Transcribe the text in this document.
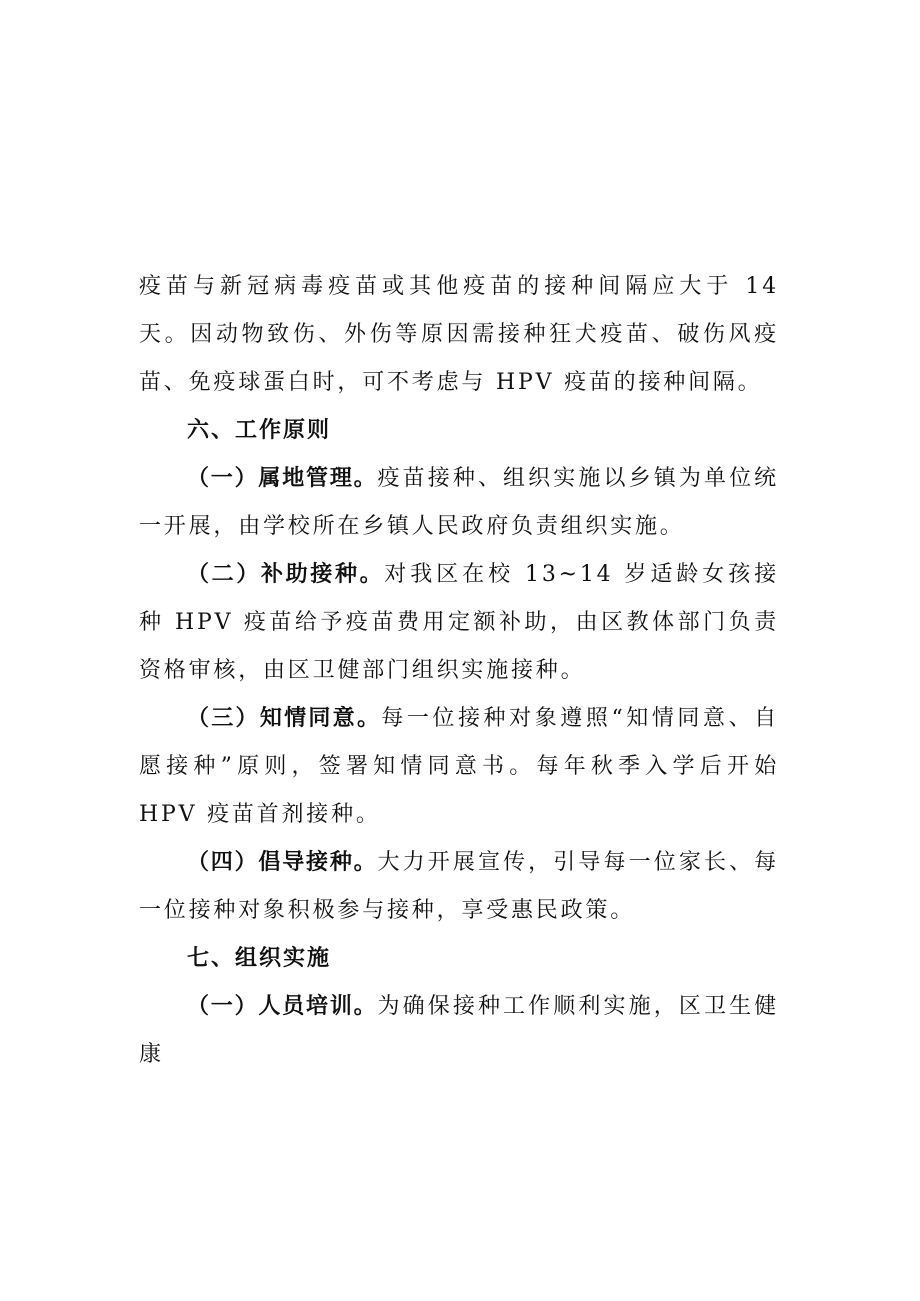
疫苗与新冠病毒疫苗或其他疫苗的接种间隔应大于 14 天。因动物致伤、外伤等原因需接种狂犬疫苗、破伤风疫苗、免疫球蛋白时，可不考虑与 HPV 疫苗的接种间隔。

六、工作原则

（一）属地管理。疫苗接种、组织实施以乡镇为单位统一开展，由学校所在乡镇人民政府负责组织实施。

（二）补助接种。对我区在校 13~14 岁适龄女孩接种 HPV 疫苗给予疫苗费用定额补助，由区教体部门负责资格审核，由区卫健部门组织实施接种。

（三）知情同意。每一位接种对象遵照“知情同意、自愿接种”原则，签署知情同意书。每年秋季入学后开始 HPV 疫苗首剂接种。

（四）倡导接种。大力开展宣传，引导每一位家长、每一位接种对象积极参与接种，享受惠民政策。

七、组织实施

（一）人员培训。为确保接种工作顺利实施，区卫生健康
